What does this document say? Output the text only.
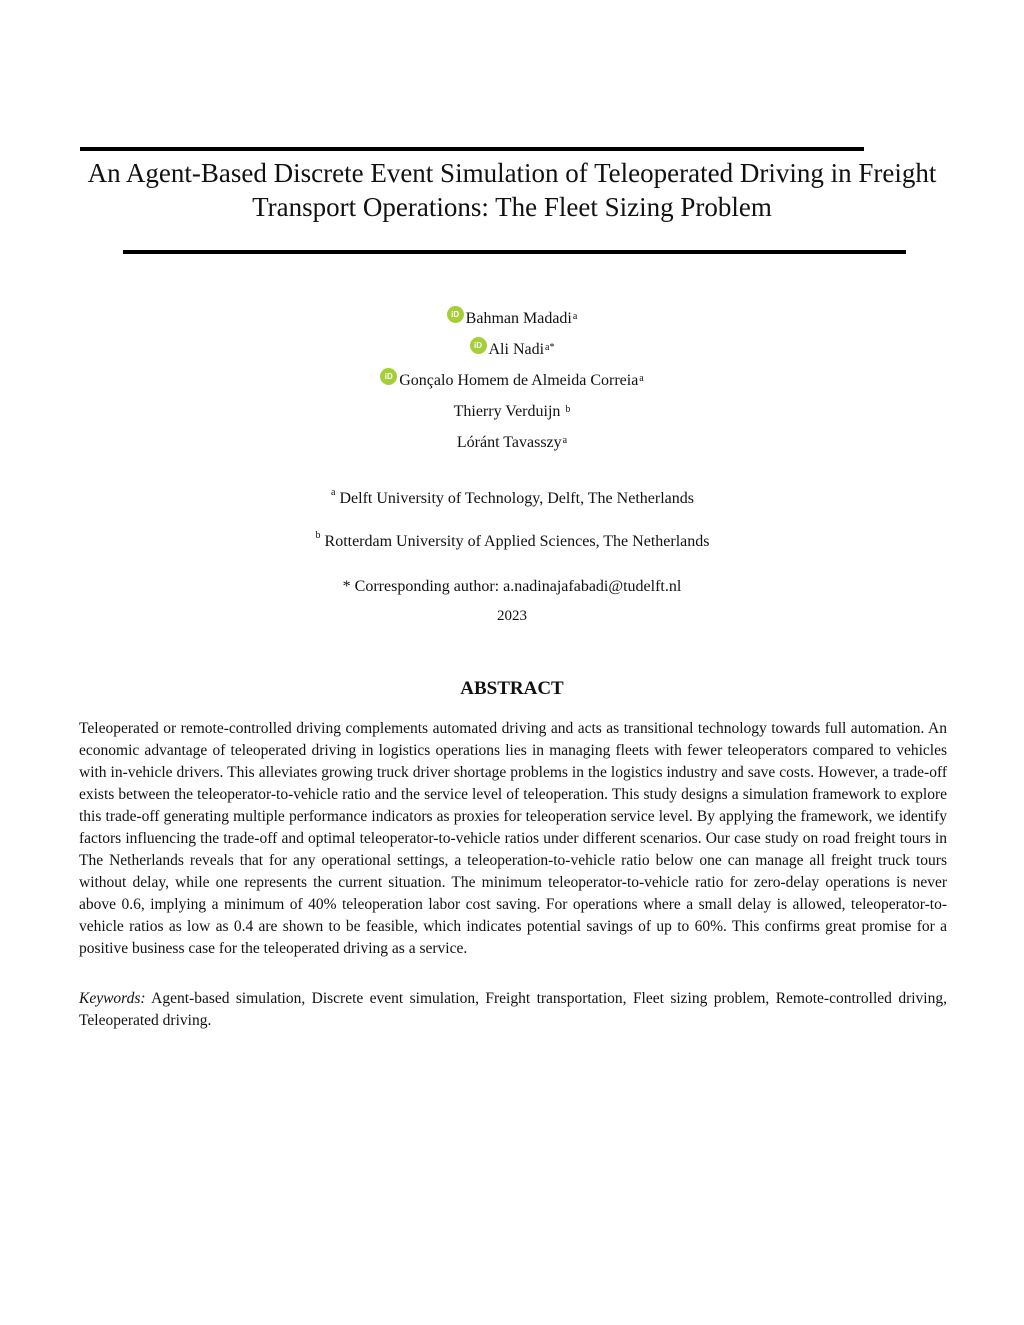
An Agent-Based Discrete Event Simulation of Teleoperated Driving in Freight
Transport Operations: The Fleet Sizing Problem
iD Bahman Madadi$^a$
iD Ali Nadi$^{a*}$
iD Gonçalo Homem de Almeida Correia$^a$
Thierry Verduijn
$^b$
Lóránt Tavasszy$^a$
$^a$ Delft University of Technology, Delft, The Netherlands
$^b$ Rotterdam University of Applied Sciences, The Netherlands
* Corresponding author: a.nadinajafabadi@tudelft.nl
2023
ABSTRACT

Teleoperated or remote-controlled driving complements automated driving and acts as transitional technology towards full automation. An economic advantage of teleoperated driving in logistics operations lies in managing fleets with fewer teleoperators compared to vehicles with in-vehicle drivers. This alleviates growing truck driver shortage problems in the logistics industry and save costs. However, a trade-off exists between the teleoperator-to-vehicle ratio and the service level of teleoperation. This study designs a simulation framework to explore this trade-off generating multiple performance indicators as proxies for teleoperation service level. By applying the framework, we identify factors influencing the trade-off and optimal teleoperator-to-vehicle ratios under different scenarios. Our case study on road freight tours in The Netherlands reveals that for any operational settings, a teleoperation-to-vehicle ratio below one can manage all freight truck tours without delay, while one represents the current situation. The minimum teleoperator-to-vehicle ratio for zero-delay operations is never above 0.6, implying a minimum of 40% teleoperation labor cost saving. For operations where a small delay is allowed, teleoperator-to-vehicle ratios as low as 0.4 are shown to be feasible, which indicates potential savings of up to 60%. This confirms great promise for a positive business case for the teleoperated driving as a service.

Keywords: Agent-based simulation, Discrete event simulation, Freight transportation, Fleet sizing problem, Remote-controlled driving, Teleoperated driving.
